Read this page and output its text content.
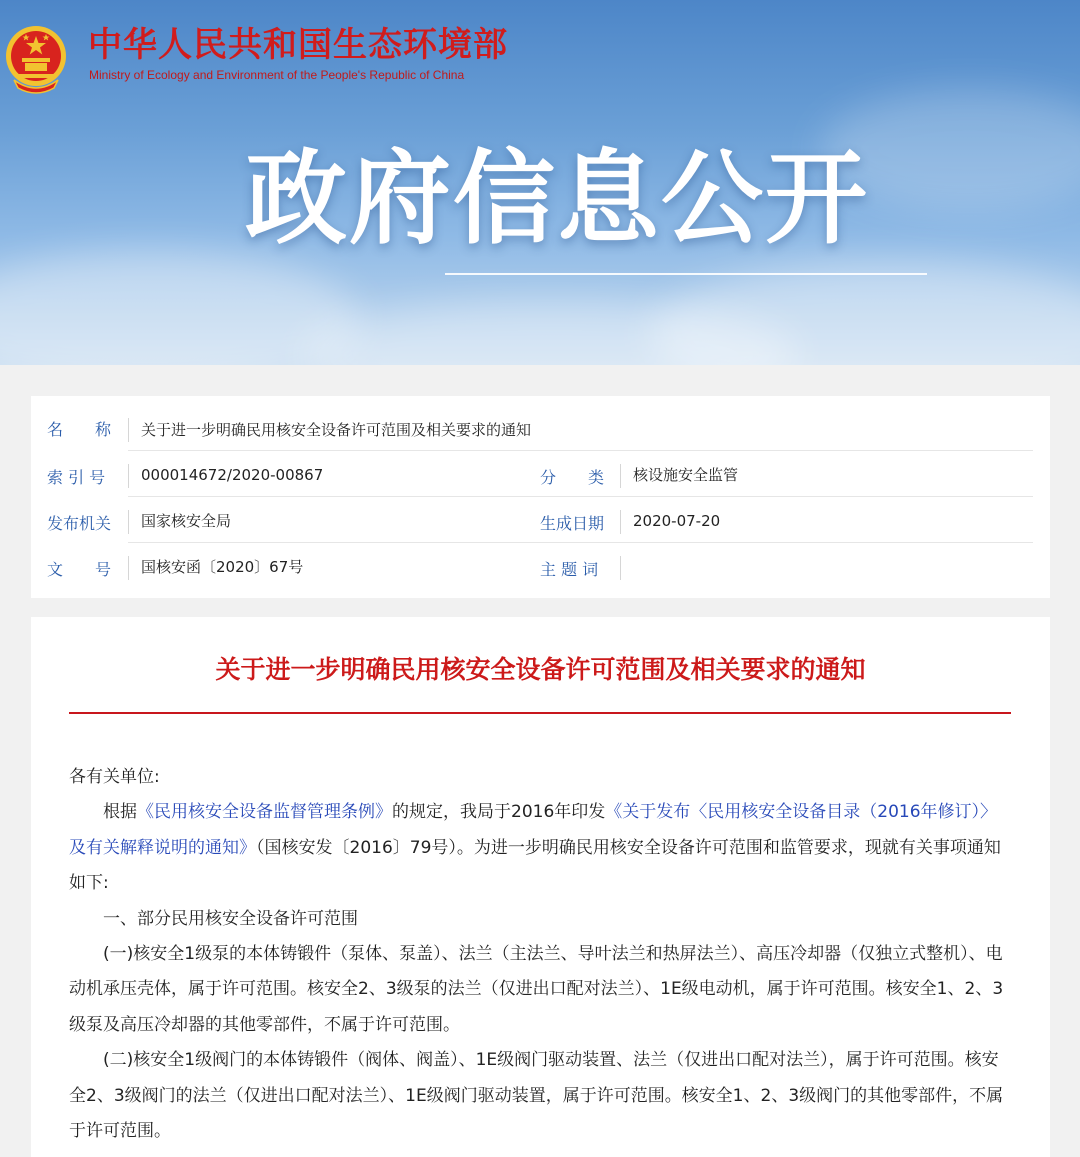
中华人民共和国生态环境部
Ministry of Ecology and Environment of the People's Republic of China
政府信息公开
名　　称 关于进一步明确民用核安全设备许可范围及相关要求的通知
索 引 号 000014672/2020-00867	分　　类 核设施安全监管
发布机关 国家核安全局	生成日期 2020-07-20
文　　号 国核安函〔2020〕67号	主 题 词
关于进一步明确民用核安全设备许可范围及相关要求的通知

各有关单位:

根据《民用核安全设备监督管理条例》的规定，我局于2016年印发《关于发布〈民用核安全设备目录（2016年修订）〉及有关解释说明的通知》（国核安发〔2016〕79号）。为进一步明确民用核安全设备许可范围和监管要求，现就有关事项通知如下:

一、部分民用核安全设备许可范围

(一)核安全1级泵的本体铸锻件（泵体、泵盖）、法兰（主法兰、导叶法兰和热屏法兰）、高压冷却器（仅独立式整机）、电动机承压壳体，属于许可范围。核安全2、3级泵的法兰（仅进出口配对法兰）、1E级电动机，属于许可范围。核安全1、2、3级泵及高压冷却器的其他零部件，不属于许可范围。

(二)核安全1级阀门的本体铸锻件（阀体、阀盖）、1E级阀门驱动装置、法兰（仅进出口配对法兰），属于许可范围。核安全2、3级阀门的法兰（仅进出口配对法兰）、1E级阀门驱动装置，属于许可范围。核安全1、2、3级阀门的其他零部件，不属于许可范围。
